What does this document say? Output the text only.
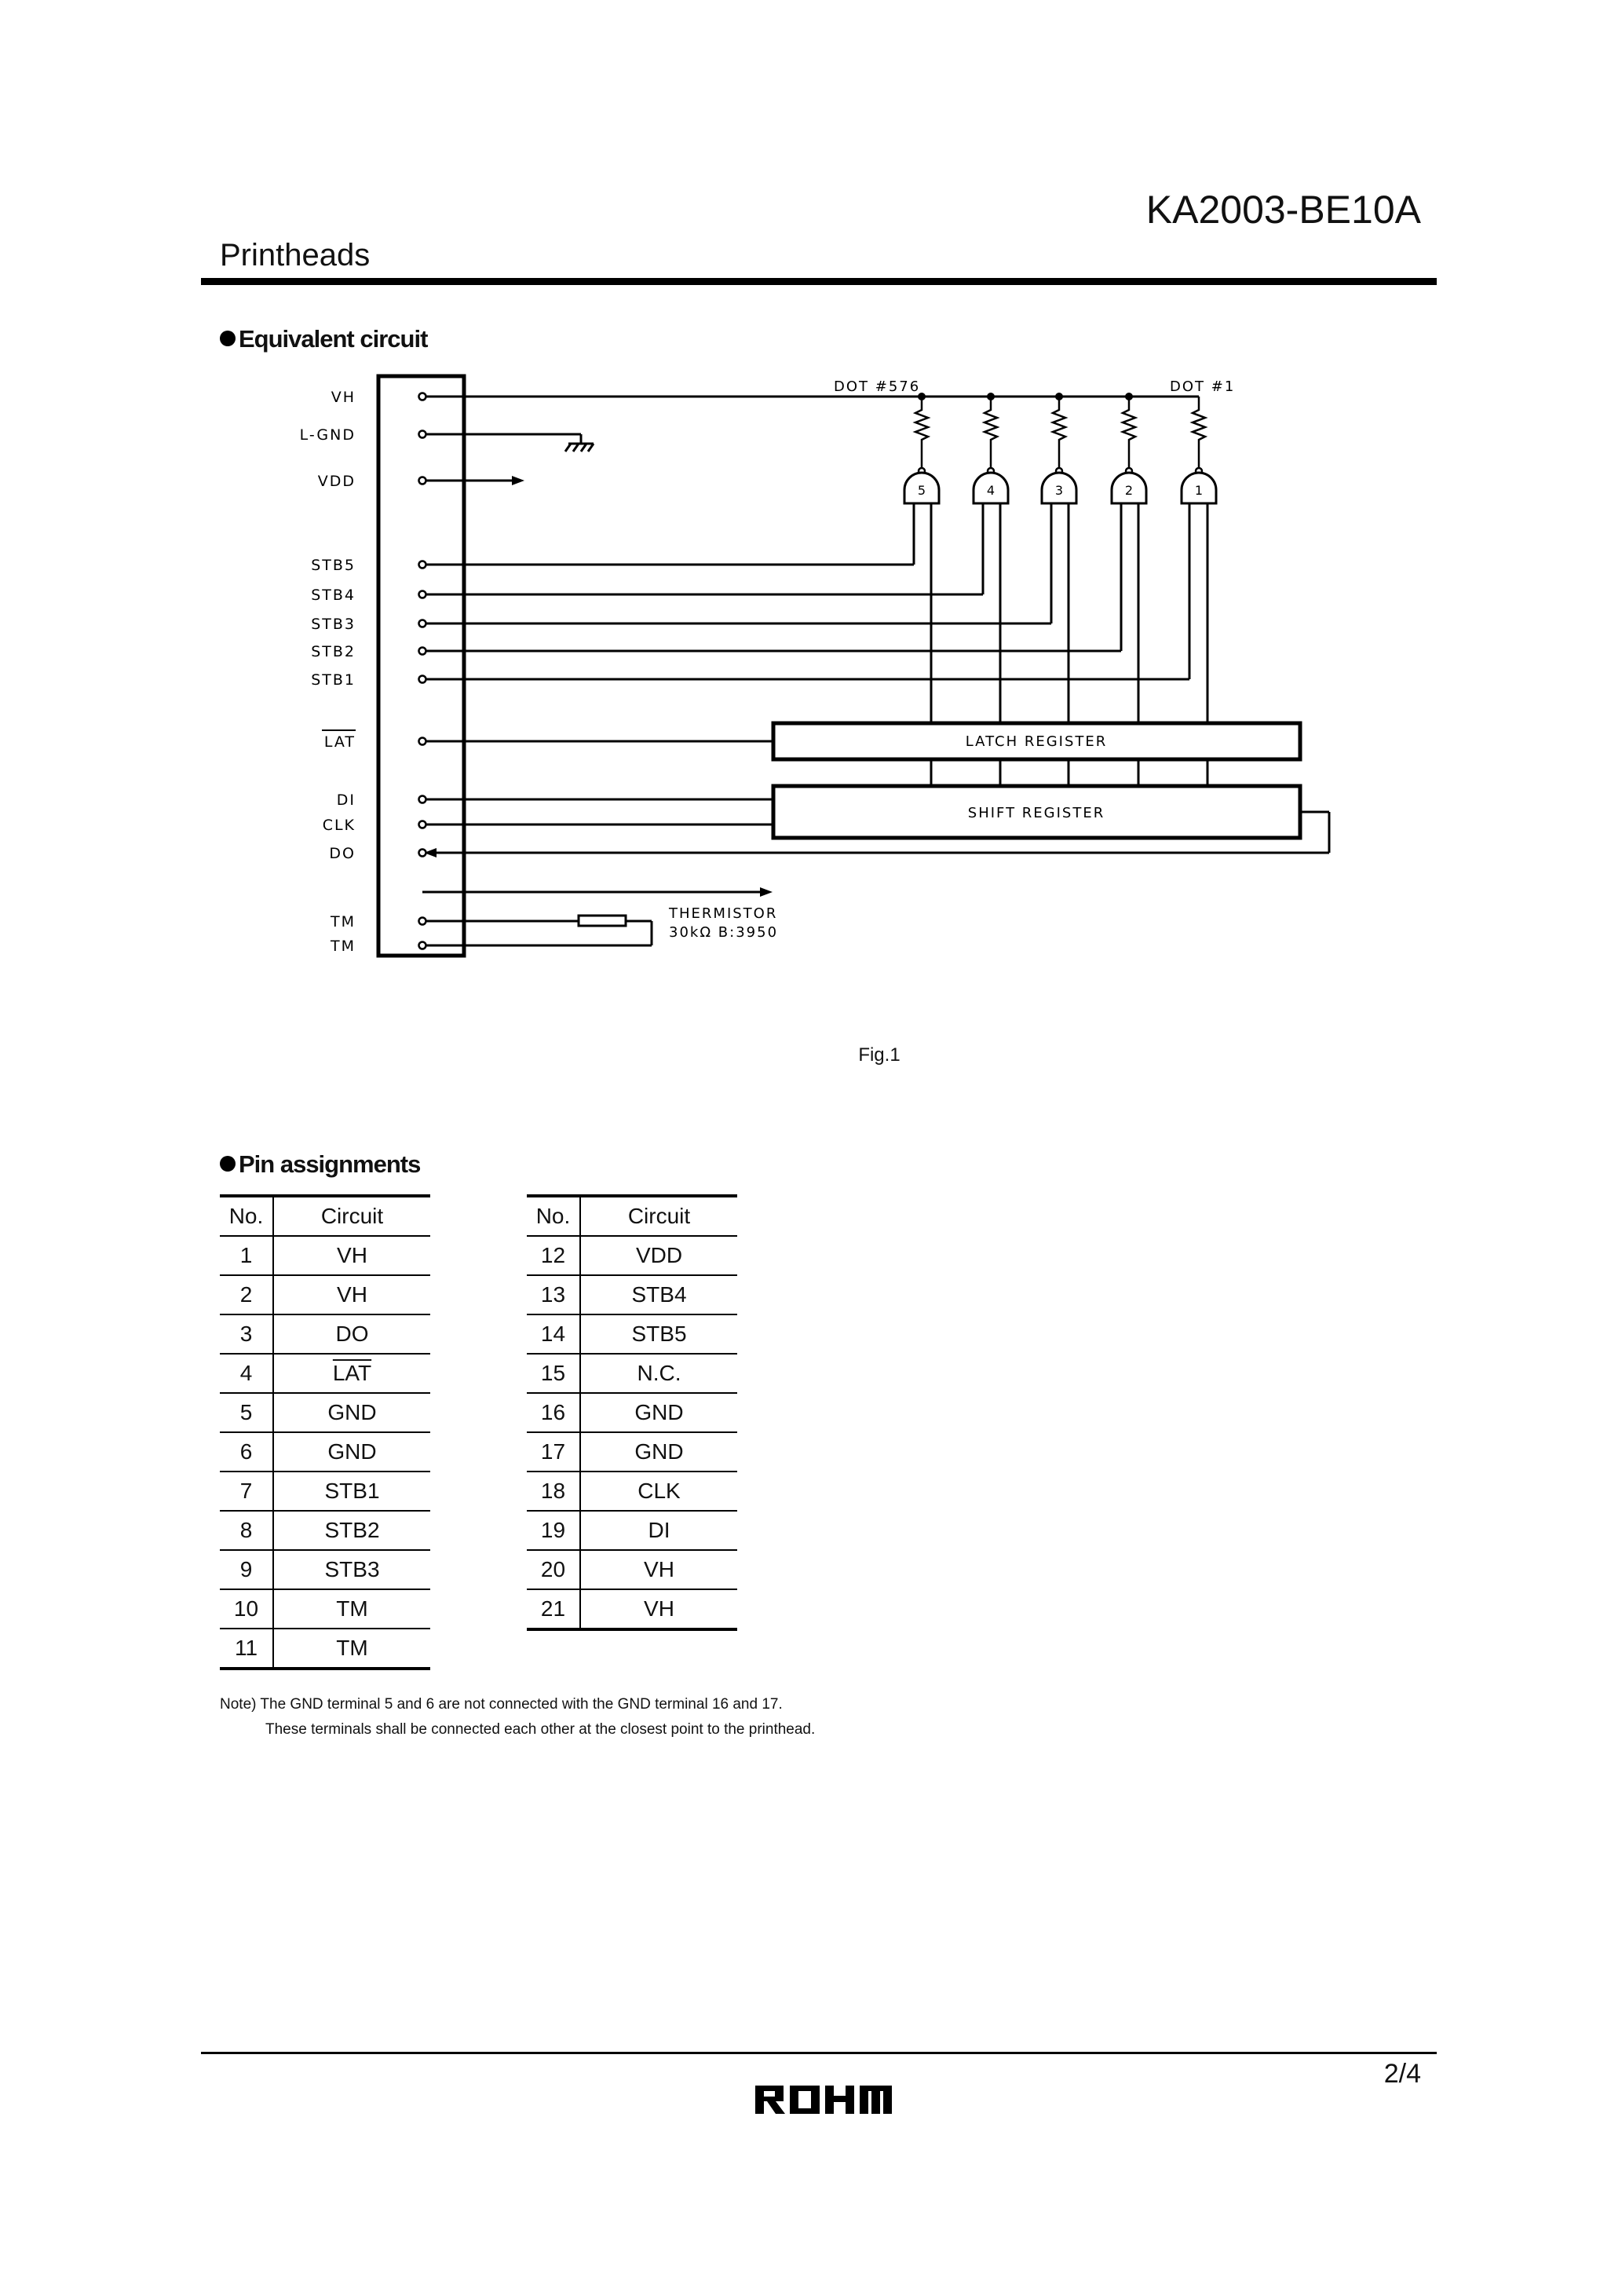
KA2003-BE10A
Printheads
Equivalent circuit
5	4	3	2	1
VH
L-GND
VDD
STB5
STB4
STB3
STB2
STB1
LAT
DI
CLK
DO
TM
TM
DOT #576	DOT #1
LATCH REGISTER
SHIFT REGISTER
THERMISTOR
30kΩ B:3950
Fig.1
Pin assignments
No.	Circuit
1	VH
2	VH
3	DO
4	$\overline{LAT}$
5	GND
6	GND
7	STB1
8	STB2
9	STB3
10	TM
11	TM
No.	Circuit
12	VDD
13	STB4
14	STB5
15	N.C.
16	GND
17	GND
18	CLK
19	DI
20	VH
21	VH
Note) The GND terminal 5 and 6 are not connected with the GND terminal 16 and 17.
These terminals shall be connected each other at the closest point to the printhead.
2/4
